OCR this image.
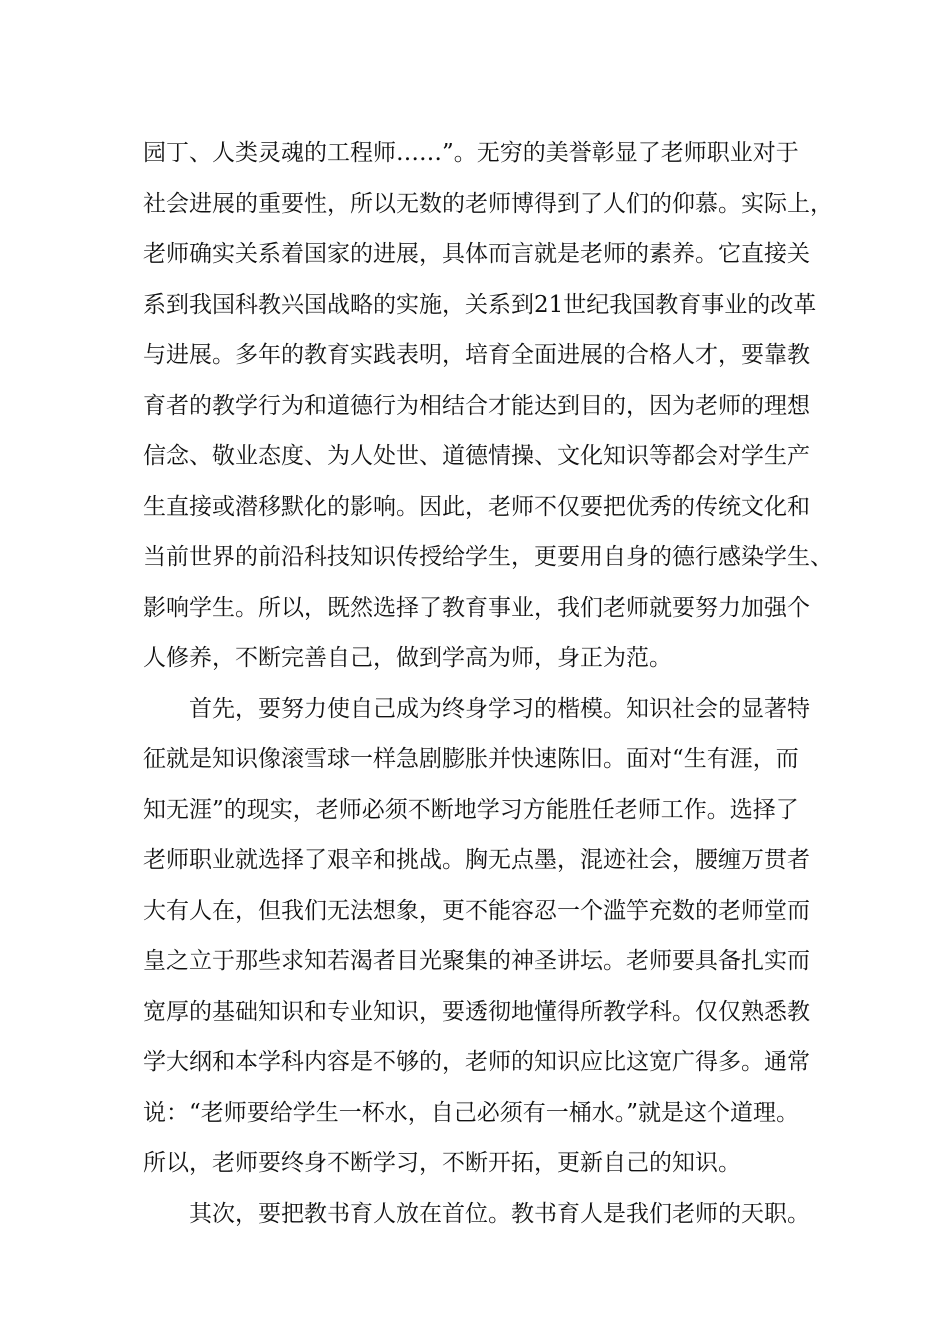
园丁、人类灵魂的工程师……”。无穷的美誉彰显了老师职业对于
社会进展的重要性，所以无数的老师博得到了人们的仰慕。实际上，
老师确实关系着国家的进展，具体而言就是老师的素养。它直接关
系到我国科教兴国战略的实施，关系到21世纪我国教育事业的改革
与进展。多年的教育实践表明，培育全面进展的合格人才，要靠教
育者的教学行为和道德行为相结合才能达到目的，因为老师的理想
信念、敬业态度、为人处世、道德情操、文化知识等都会对学生产
生直接或潜移默化的影响。因此，老师不仅要把优秀的传统文化和
当前世界的前沿科技知识传授给学生，更要用自身的德行感染学生、
影响学生。所以，既然选择了教育事业，我们老师就要努力加强个
人修养，不断完善自己，做到学高为师，身正为范。
首先，要努力使自己成为终身学习的楷模。知识社会的显著特
征就是知识像滚雪球一样急剧膨胀并快速陈旧。面对“生有涯，而
知无涯”的现实，老师必须不断地学习方能胜任老师工作。选择了
老师职业就选择了艰辛和挑战。胸无点墨，混迹社会，腰缠万贯者
大有人在，但我们无法想象，更不能容忍一个滥竽充数的老师堂而
皇之立于那些求知若渴者目光聚集的神圣讲坛。老师要具备扎实而
宽厚的基础知识和专业知识，要透彻地懂得所教学科。仅仅熟悉教
学大纲和本学科内容是不够的，老师的知识应比这宽广得多。通常
说：“老师要给学生一杯水，自己必须有一桶水。”就是这个道理。
所以，老师要终身不断学习，不断开拓，更新自己的知识。
其次，要把教书育人放在首位。教书育人是我们老师的天职。
